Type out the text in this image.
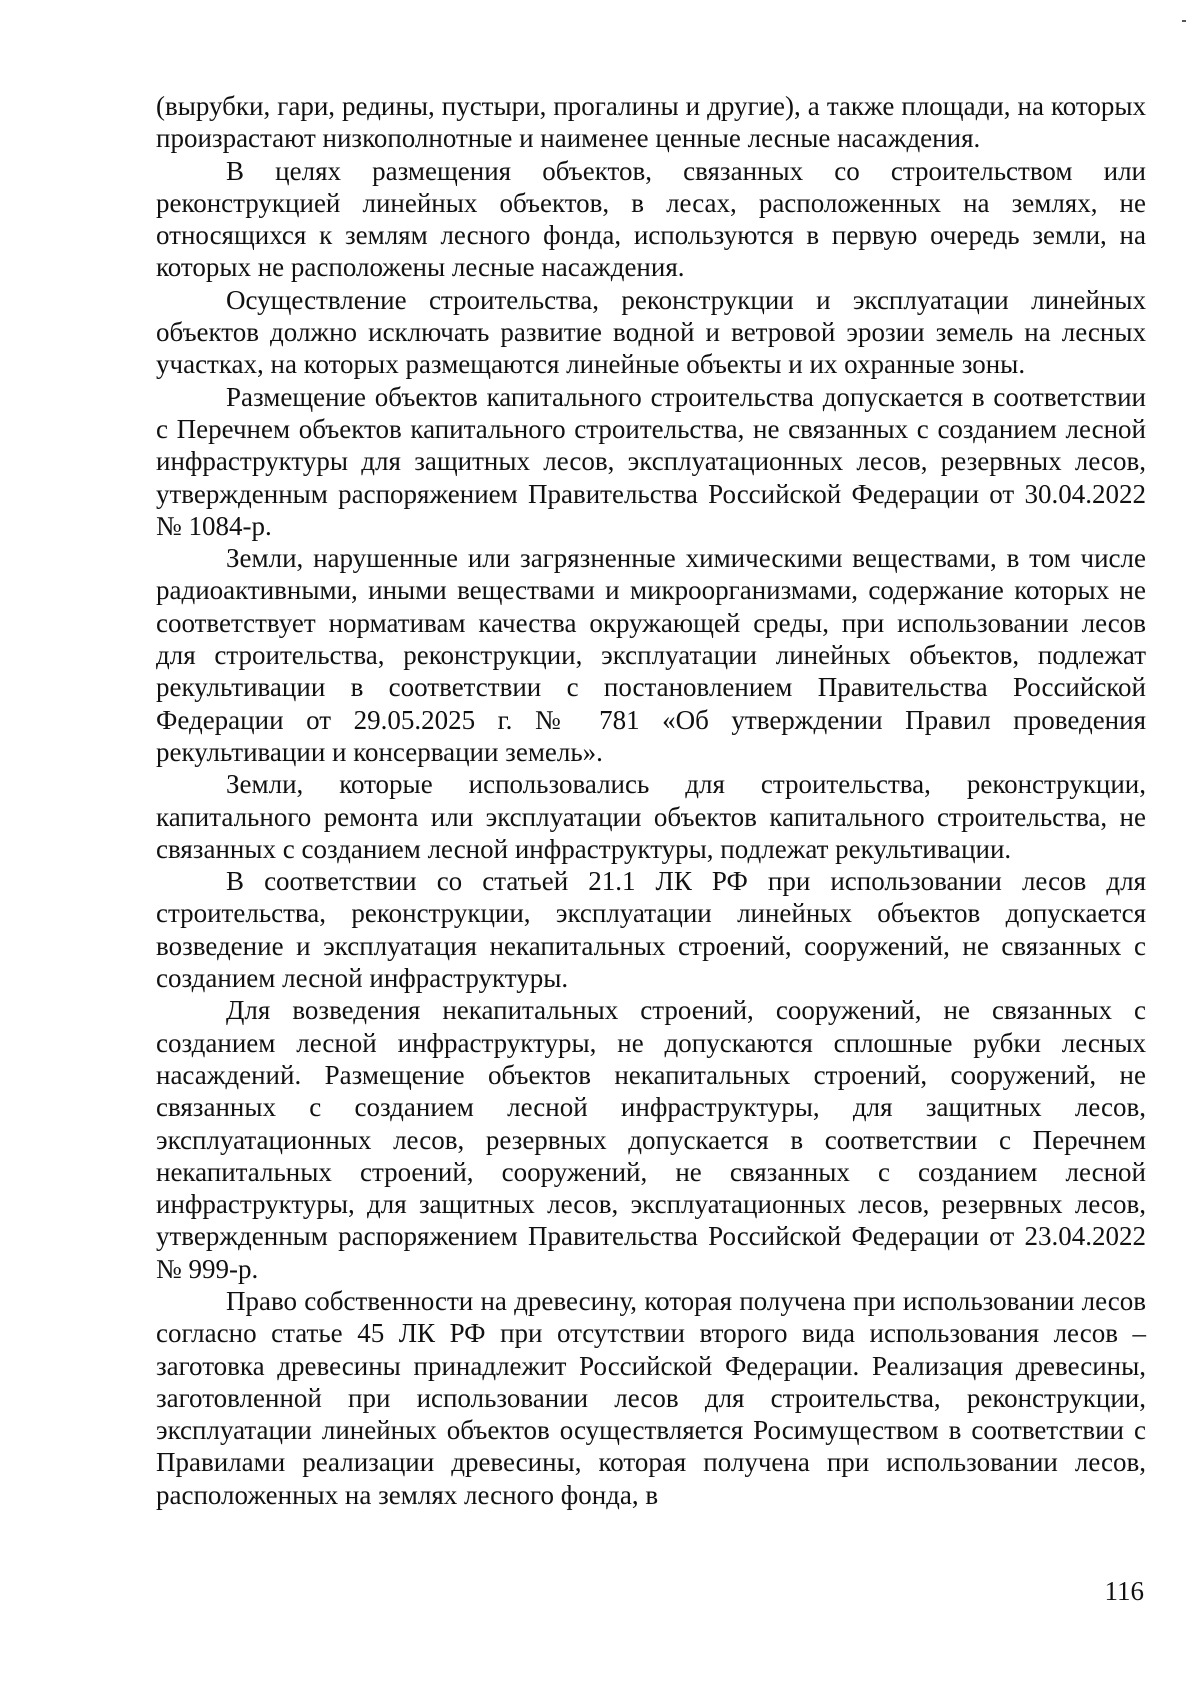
(вырубки, гари, редины, пустыри, прогалины и другие), а также площади, на которых произрастают низкополнотные и наименее ценные лесные насаждения.

В целях размещения объектов, связанных со строительством или реконструкцией линейных объектов, в лесах, расположенных на землях, не относящихся к землям лесного фонда, используются в первую очередь земли, на которых не расположены лесные насаждения.

Осуществление строительства, реконструкции и эксплуатации линейных объектов должно исключать развитие водной и ветровой эрозии земель на лесных участках, на которых размещаются линейные объекты и их охранные зоны.

Размещение объектов капитального строительства допускается в соответствии с Перечнем объектов капитального строительства, не связанных с созданием лесной инфраструктуры для защитных лесов, эксплуатационных лесов, резервных лесов, утвержденным распоряжением Правительства Российской Федерации от 30.04.2022 № 1084-р.

Земли, нарушенные или загрязненные химическими веществами, в том числе радиоактивными, иными веществами и микроорганизмами, содержание которых не соответствует нормативам качества окружающей среды, при использовании лесов для строительства, реконструкции, эксплуатации линейных объектов, подлежат рекультивации в соответствии с постановлением Правительства Российской Федерации от 29.05.2025 г. № 781 «Об утверждении Правил проведения рекультивации и консервации земель».

Земли, которые использовались для строительства, реконструкции, капитального ремонта или эксплуатации объектов капитального строительства, не связанных с созданием лесной инфраструктуры, подлежат рекультивации.

В соответствии со статьей 21.1 ЛК РФ при использовании лесов для строительства, реконструкции, эксплуатации линейных объектов допускается возведение и эксплуатация некапитальных строений, сооружений, не связанных с созданием лесной инфраструктуры.

Для возведения некапитальных строений, сооружений, не связанных с созданием лесной инфраструктуры, не допускаются сплошные рубки лесных насаждений. Размещение объектов некапитальных строений, сооружений, не связанных с созданием лесной инфраструктуры, для защитных лесов, эксплуатационных лесов, резервных допускается в соответствии с Перечнем некапитальных строений, сооружений, не связанных с созданием лесной инфраструктуры, для защитных лесов, эксплуатационных лесов, резервных лесов, утвержденным распоряжением Правительства Российской Федерации от 23.04.2022 № 999-р.

Право собственности на древесину, которая получена при использовании лесов согласно статье 45 ЛК РФ при отсутствии второго вида использования лесов – заготовка древесины принадлежит Российской Федерации. Реализация древесины, заготовленной при использовании лесов для строительства, реконструкции, эксплуатации линейных объектов осуществляется Росимуществом в соответствии с Правилами реализации древесины, которая получена при использовании лесов, расположенных на землях лесного фонда, в

116
